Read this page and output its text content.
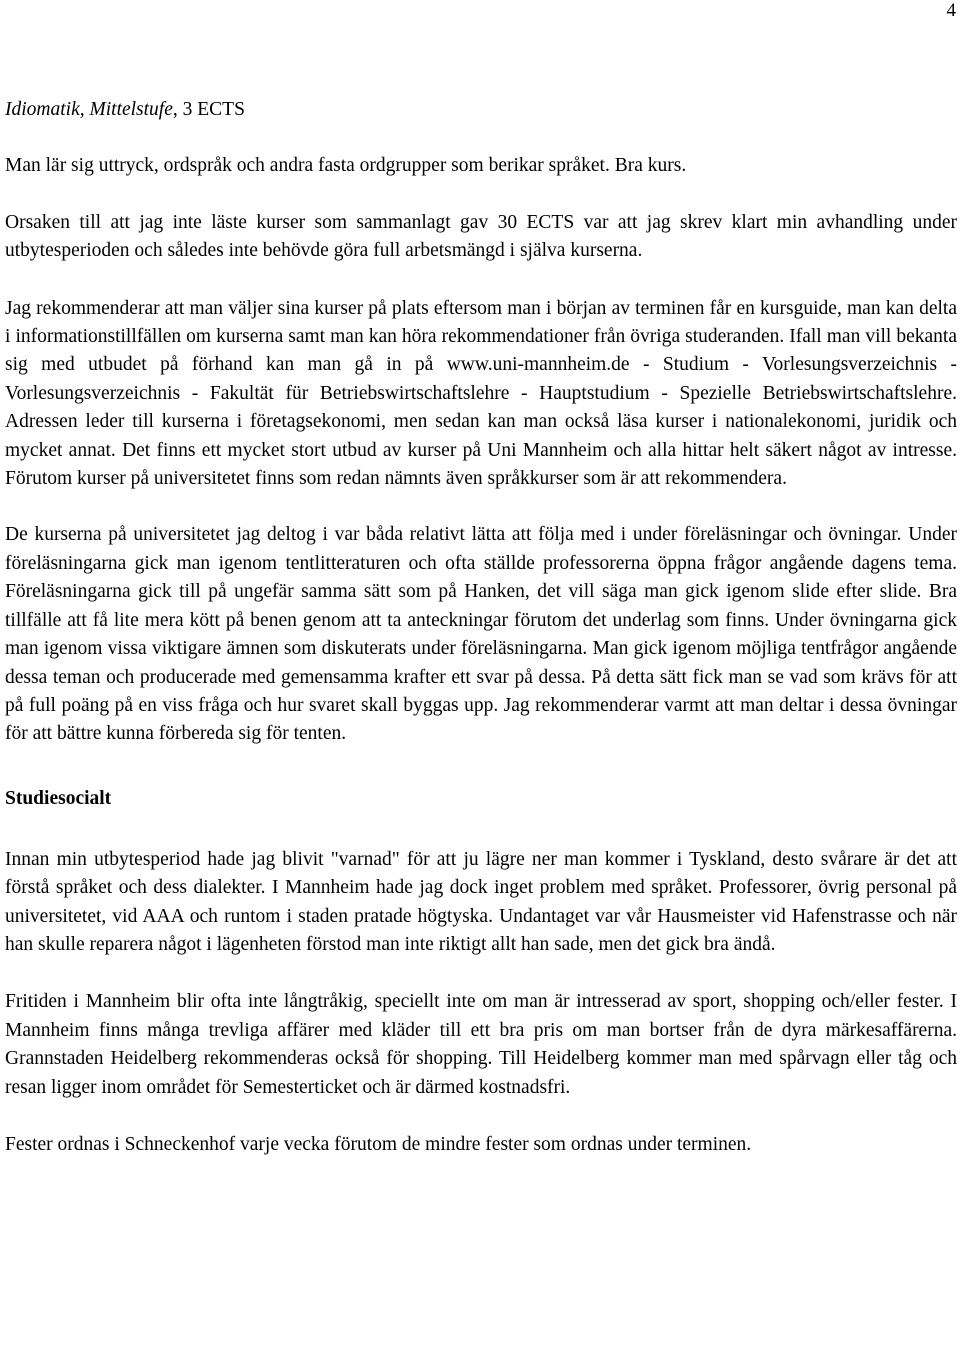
4

Idiomatik, Mittelstufe, 3 ECTS

Man lär sig uttryck, ordspråk och andra fasta ordgrupper som berikar språket. Bra kurs.

Orsaken till att jag inte läste kurser som sammanlagt gav 30 ECTS var att jag skrev klart min avhandling under utbytesperioden och således inte behövde göra full arbetsmängd i själva kurserna.

Jag rekommenderar att man väljer sina kurser på plats eftersom man i början av terminen får en kursguide, man kan delta i informationstillfällen om kurserna samt man kan höra rekommendationer från övriga studeranden. Ifall man vill bekanta sig med utbudet på förhand kan man gå in på www.uni-mannheim.de - Studium - Vorlesungsverzeichnis - Vorlesungsverzeichnis - Fakultät für Betriebswirtschaftslehre - Hauptstudium - Spezielle Betriebswirtschaftslehre. Adressen leder till kurserna i företagsekonomi, men sedan kan man också läsa kurser i nationalekonomi, juridik och mycket annat. Det finns ett mycket stort utbud av kurser på Uni Mannheim och alla hittar helt säkert något av intresse. Förutom kurser på universitetet finns som redan nämnts även språkkurser som är att rekommendera.

De kurserna på universitetet jag deltog i var båda relativt lätta att följa med i under föreläsningar och övningar. Under föreläsningarna gick man igenom tentlitteraturen och ofta ställde professorerna öppna frågor angående dagens tema. Föreläsningarna gick till på ungefär samma sätt som på Hanken, det vill säga man gick igenom slide efter slide. Bra tillfälle att få lite mera kött på benen genom att ta anteckningar förutom det underlag som finns. Under övningarna gick man igenom vissa viktigare ämnen som diskuterats under föreläsningarna. Man gick igenom möjliga tentfrågor angående dessa teman och producerade med gemensamma krafter ett svar på dessa. På detta sätt fick man se vad som krävs för att på full poäng på en viss fråga och hur svaret skall byggas upp. Jag rekommenderar varmt att man deltar i dessa övningar för att bättre kunna förbereda sig för tenten.

Studiesocialt

Innan min utbytesperiod hade jag blivit "varnad" för att ju lägre ner man kommer i Tyskland, desto svårare är det att förstå språket och dess dialekter. I Mannheim hade jag dock inget problem med språket. Professorer, övrig personal på universitetet, vid AAA och runtom i staden pratade högtyska. Undantaget var vår Hausmeister vid Hafenstrasse och när han skulle reparera något i lägenheten förstod man inte riktigt allt han sade, men det gick bra ändå.

Fritiden i Mannheim blir ofta inte långtråkig, speciellt inte om man är intresserad av sport, shopping och/eller fester. I Mannheim finns många trevliga affärer med kläder till ett bra pris om man bortser från de dyra märkesaffärerna. Grannstaden Heidelberg rekommenderas också för shopping. Till Heidelberg kommer man med spårvagn eller tåg och resan ligger inom området för Semesterticket och är därmed kostnadsfri.

Fester ordnas i Schneckenhof varje vecka förutom de mindre fester som ordnas under terminen.
